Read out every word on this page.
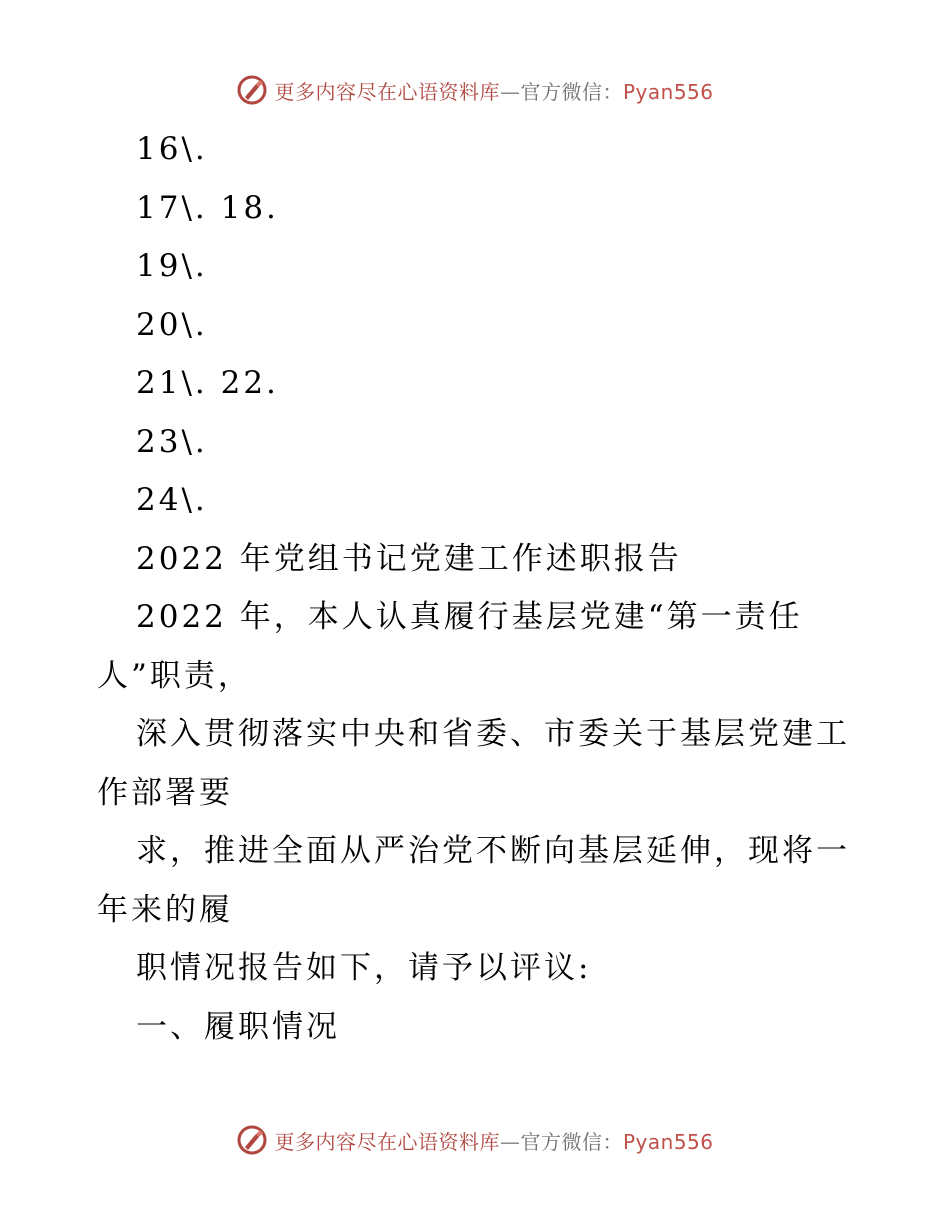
更多内容尽在心语资料库—官方微信：Pyan556
16\.
17\. 18.
19\.
20\.
21\. 22.
23\.
24\.
2022 年党组书记党建工作述职报告
2022 年，本人认真履行基层党建“第一责任
人”职责，
深入贯彻落实中央和省委、市委关于基层党建工
作部署要
求，推进全面从严治党不断向基层延伸，现将一
年来的履
职情况报告如下，请予以评议:
一、履职情况
更多内容尽在心语资料库—官方微信：Pyan556
